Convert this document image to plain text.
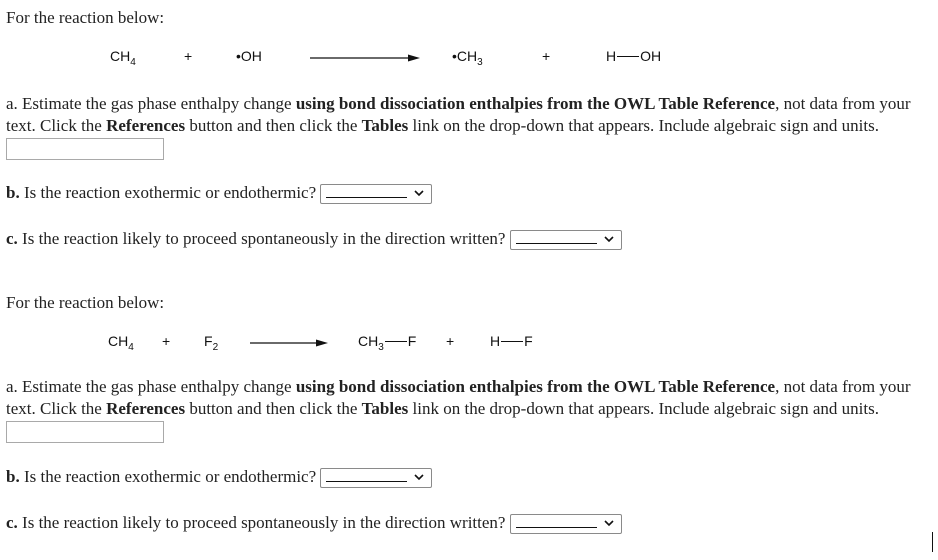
For the reaction below:
$CH_4$	+	•OH	$•CH_3$	+	H OH
a. Estimate the gas phase enthalpy change using bond dissociation enthalpies from the OWL Table Reference, not data from your text. Click the References button and then click the Tables link on the drop-down that appears. Include algebraic sign and units.
b. Is the reaction exothermic or endothermic?
c. Is the reaction likely to proceed spontaneously in the direction written?
For the reaction below:
$CH_4 + F_2$	$CH_3$ F +	H F
a. Estimate the gas phase enthalpy change using bond dissociation enthalpies from the OWL Table Reference, not data from your text. Click the References button and then click the Tables link on the drop-down that appears. Include algebraic sign and units.
b. Is the reaction exothermic or endothermic?
c. Is the reaction likely to proceed spontaneously in the direction written?
